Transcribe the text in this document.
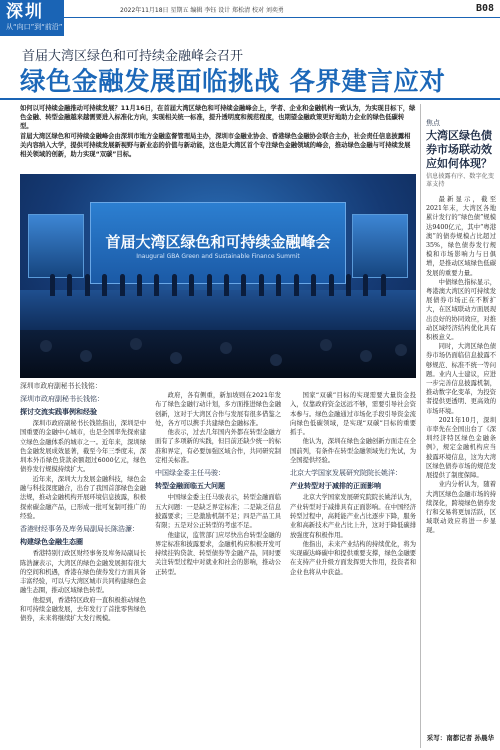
深圳
从“向口”到“前沿”
2022年11月18日 星期五 编辑 李钰 设计 郑松清 校对 刘奕勇	B08
首届大湾区绿色和可持续金融峰会召开
绿色金融发展面临挑战 各界建言应对

如何以可持续金融推动可持续发展？11月16日，在首届大湾区绿色和可持续金融峰会上，学者、企业和金融机构一致认为，为实现目标下，绿色金融、转型金融越来越需要进入标准化方向，实现相关统一标准，提升透明度和规范程度，也期望金融政策更好地助力企业的绿色低碳转型。

首届大湾区绿色和可持续金融峰会由深圳市地方金融监督管理局主办，深圳市金融业协会、香港绿色金融协会联合主办，社会责任信息披露相关内容纳入大学，提供可持续发展新视野与新业态的价值与新动能，这也是大湾区首个专注绿色金融领域的峰会，推动绿色金融与可持续发展相关领域的创新，助力实现“双碳”目标。

首届大湾区绿色和可持续金融峰会
Inaugural GBA Green and Sustainable Finance Summit
深圳市政府副秘书长钱铭：
深圳市政府副秘书长钱铭：
探讨交流实践事例和经验

深圳市政府副秘书长钱铭指出，深圳是中国重要的金融中心城市，也是全国率先探索建立绿色金融体系的城市之一。近年来，深圳绿色金融发展成效显著，截至今年三季度末，深圳本外币绿色贷款余额超过6000亿元，绿色债券发行规模持续扩大。

近年来，深圳大力发展金融科技，绿色金融与科技深度融合，出台了我国首部绿色金融法规，推动金融机构开展环境信息披露，积极探索碳金融产品，已形成一批可复制可推广的经验。

香港财经事务及库务局副局长陈浩濂：
构建绿色金融生态圈

香港特别行政区财经事务及库务局副局长陈浩濂表示，大湾区的绿色金融发展拥有很大的空间和机遇，香港在绿色债券发行方面具备丰富经验，可以与大湾区城市共同构建绿色金融生态圈，推动区域绿色转型。

他提到，香港特区政府一直积极推动绿色和可持续金融发展，去年发行了首批零售绿色债券，未来将继续扩大发行规模。

政府，各有侧重，新加坡则在2021年发布了绿色金融行动计划，多方面推进绿色金融创新，这对于大湾区合作与发展有很多借鉴之处，各方可以携手共建绿色金融标准。

他表示，过去几年国内外都在转型金融方面有了多项新的实践，但目前还缺少统一的标准和界定，有必要加强区域合作，共同研究制定相关标准。

中国绿金委主任马骏：
转型金融面临五大问题

中国绿金委主任马骏表示，转型金融面临五大问题：一是缺乏界定标准；二是缺乏信息披露要求；三是激励机制不足；四是产品工具有限；五是对公正转型的考虑不足。

他建议，监管部门应尽快出台转型金融的界定标准和披露要求，金融机构应积极开发可持续挂钩贷款、转型债券等金融产品，同时要关注转型过程中对就业和社会的影响，推动公正转型。

国家“双碳”目标的实现需要大量资金投入，仅靠政府资金远远不够，需要引导社会资本参与。绿色金融通过市场化手段引导资金流向绿色低碳领域，是实现“双碳”目标的重要抓手。

他认为，深圳在绿色金融创新方面走在全国前列，有条件在转型金融领域先行先试，为全国提供经验。

北京大学国家发展研究院院长姚洋：
产业转型对于减排的正面影响

北京大学国家发展研究院院长姚洋认为，产业转型对于减排具有正面影响。在中国经济转型过程中，高耗能产业占比逐步下降，服务业和高新技术产业占比上升，这对于降低碳排放强度有积极作用。

他指出，未来产业结构的持续优化，将为实现碳达峰碳中和提供重要支撑，绿色金融要在支持产业升级方面发挥更大作用，投资者和企业也将从中获益。

焦点
大湾区绿色债券市场联动效应如何体现？
信息披露有序、数字化变革支持

最新显示，截至2021年末，大湾区各地累计发行的“绿色债”规模达9400亿元，其中“粤港澳”的债券规模占比超过35%，绿色债券发行规模和市场影响力与日俱增，是推动区域绿色低碳发展的重要力量。

中债绿色指标显示，粤港澳大湾区的可持续发展债券市场正在不断扩大，在区域联动方面展现出良好的协同效应，对推动区域经济结构优化具有积极意义。

同时，大湾区绿色债券市场仍面临信息披露不够规范、标准不统一等问题。业内人士建议，应进一步完善信息披露机制，推动数字化变革，为投资者提供更透明、更高效的市场环境。

2021年10月，深圳市率先在全国出台了《深圳经济特区绿色金融条例》，规定金融机构应当披露环境信息，这为大湾区绿色债券市场的规范发展提供了制度保障。

业内分析认为，随着大湾区绿色金融市场的持续深化，跨境绿色债券发行和交易将更加活跃，区域联动效应将进一步显现。

采写：南都记者 孙晨华
